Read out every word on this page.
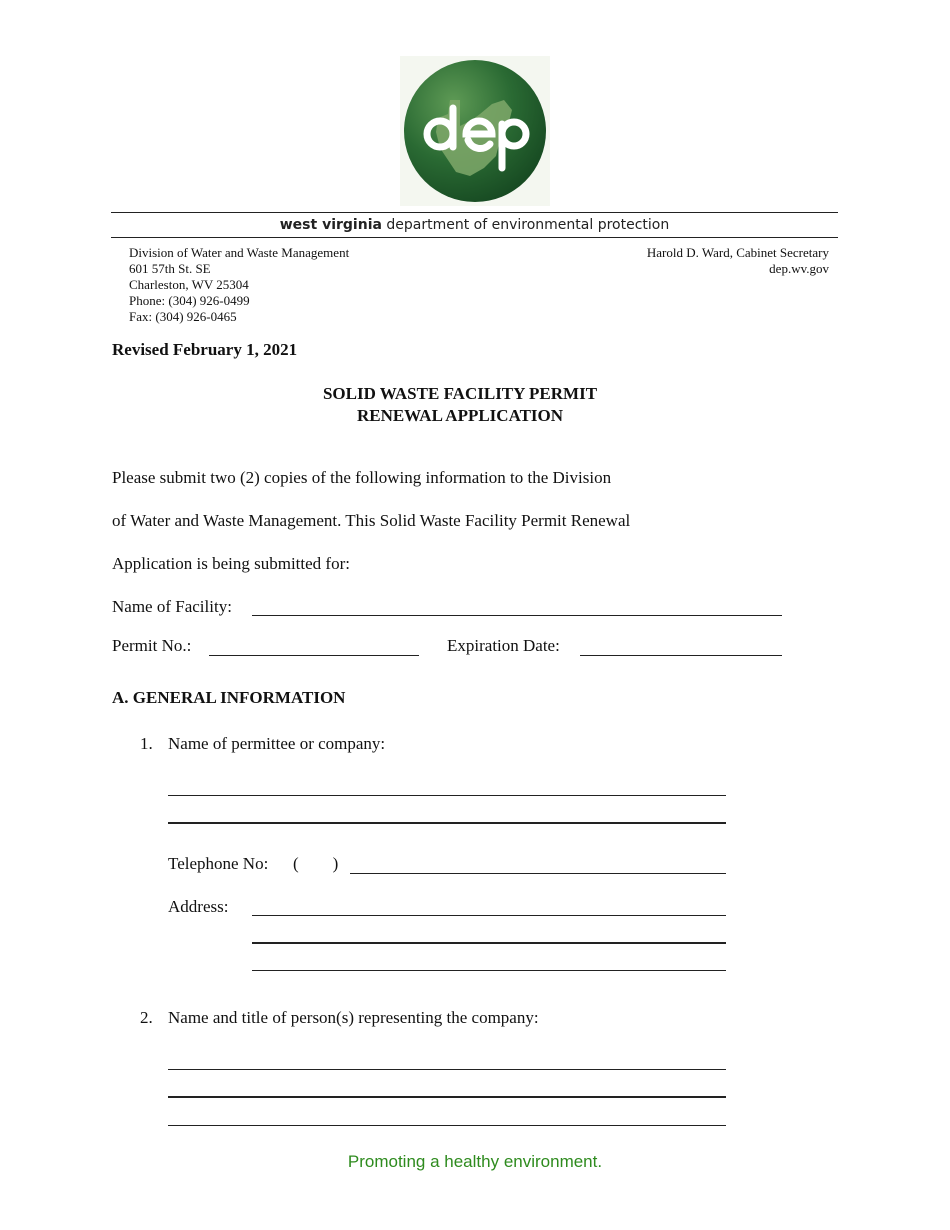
west virginia department of environmental protection
Division of Water and Waste Management
601 57th St. SE
Charleston, WV 25304
Phone: (304) 926-0499
Fax: (304) 926-0465
Harold D. Ward, Cabinet Secretary
dep.wv.gov
Revised February 1, 2021
SOLID WASTE FACILITY PERMIT
RENEWAL APPLICATION
Please submit two (2) copies of the following information to the Division
of Water and Waste Management. This Solid Waste Facility Permit Renewal
Application is being submitted for:
Name of Facility:
Permit No.:	Expiration Date:
A. GENERAL INFORMATION
1. Name of permittee or company:
Telephone No: (        )
Address:
2. Name and title of person(s) representing the company:
Promoting a healthy environment.
